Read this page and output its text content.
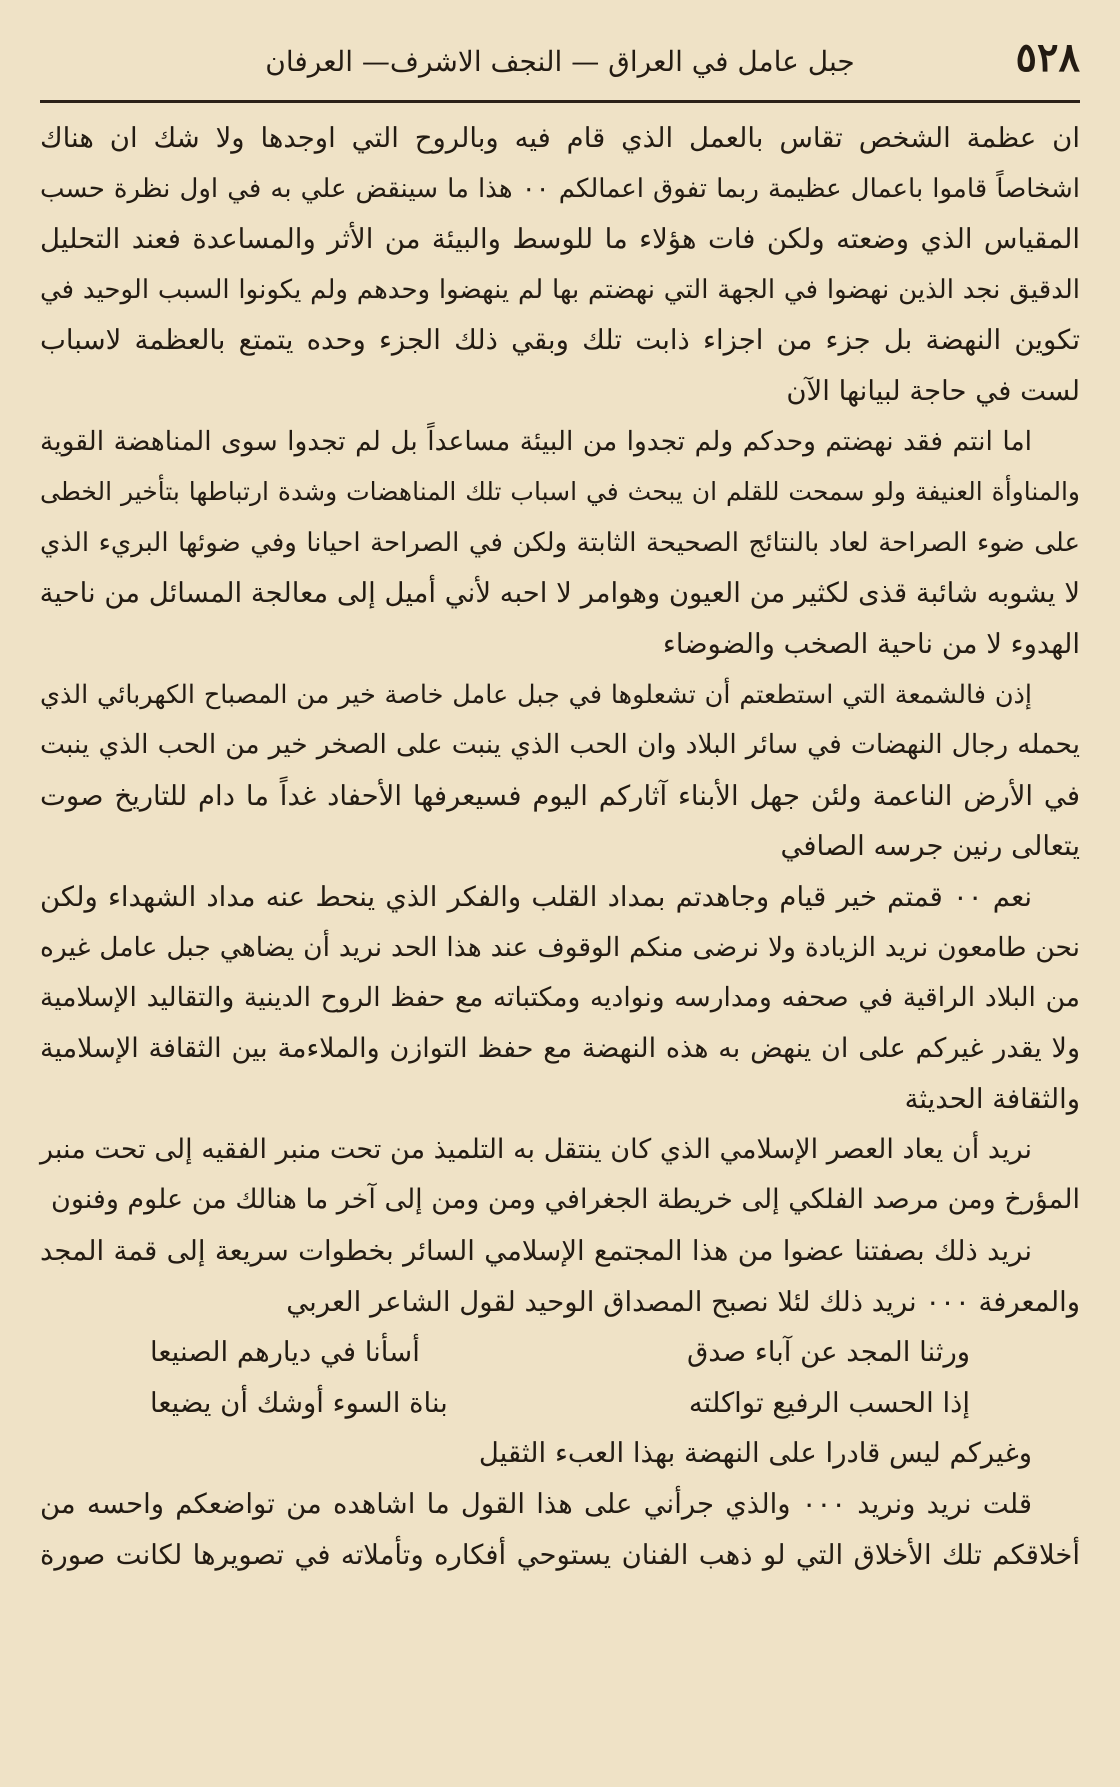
٥٢٨
جبل عامل في العراق — النجف الاشرف— العرفان
ان عظمة الشخص تقاس بالعمل الذي قام فيه وبالروح التي اوجدها ولا شك ان هناك
اشخاصاً قاموا باعمال عظيمة ربما تفوق اعمالكم ٠٠ هذا ما سينقض علي به في اول نظرة حسب
المقياس الذي وضعته ولكن فات هؤلاء ما للوسط والبيئة من الأثر والمساعدة فعند التحليل
الدقيق نجد الذين نهضوا في الجهة التي نهضتم بها لم ينهضوا وحدهم ولم يكونوا السبب الوحيد في
تكوين النهضة بل جزء من اجزاء ذابت تلك وبقي ذلك الجزء وحده يتمتع بالعظمة لاسباب
لست في حاجة لبيانها الآن
اما انتم فقد نهضتم وحدكم ولم تجدوا من البيئة مساعداً بل لم تجدوا سوى المناهضة القوية
والمناوأة العنيفة ولو سمحت للقلم ان يبحث في اسباب تلك المناهضات وشدة ارتباطها بتأخير الخطى
على ضوء الصراحة لعاد بالنتائج الصحيحة الثابتة ولكن في الصراحة احيانا وفي ضوئها البريء الذي
لا يشوبه شائبة قذى لكثير من العيون وهوامر لا احبه لأني أميل إلى معالجة المسائل من ناحية
الهدوء لا من ناحية الصخب والضوضاء
إذن فالشمعة التي استطعتم أن تشعلوها في جبل عامل خاصة خير من المصباح الكهربائي الذي
يحمله رجال النهضات في سائر البلاد وان الحب الذي ينبت على الصخر خير من الحب الذي ينبت
في الأرض الناعمة ولئن جهل الأبناء آثاركم اليوم فسيعرفها الأحفاد غداً ما دام للتاريخ صوت
يتعالى رنين جرسه الصافي
نعم ٠٠ قمتم خير قيام وجاهدتم بمداد القلب والفكر الذي ينحط عنه مداد الشهداء ولكن
نحن طامعون نريد الزيادة ولا نرضى منكم الوقوف عند هذا الحد نريد أن يضاهي جبل عامل غيره
من البلاد الراقية في صحفه ومدارسه ونواديه ومكتباته مع حفظ الروح الدينية والتقاليد الإسلامية
ولا يقدر غيركم على ان ينهض به هذه النهضة مع حفظ التوازن والملاءمة بين الثقافة الإسلامية
والثقافة الحديثة
نريد أن يعاد العصر الإسلامي الذي كان ينتقل به التلميذ من تحت منبر الفقيه إلى تحت منبر
المؤرخ ومن مرصد الفلكي إلى خريطة الجغرافي ومن ومن إلى آخر ما هنالك من علوم وفنون
نريد ذلك بصفتنا عضوا من هذا المجتمع الإسلامي السائر بخطوات سريعة إلى قمة المجد
والمعرفة ٠٠٠ نريد ذلك لئلا نصبح المصداق الوحيد لقول الشاعر العربي
ورثنا المجد عن آباء صدق
أسأنا في ديارهم الصنيعا
إذا الحسب الرفيع تواكلته
بناة السوء أوشك أن يضيعا
وغيركم ليس قادرا على النهضة بهذا العبء الثقيل
قلت نريد ونريد ٠٠٠ والذي جرأني على هذا القول ما اشاهده من تواضعكم واحسه من
أخلاقكم تلك الأخلاق التي لو ذهب الفنان يستوحي أفكاره وتأملاته في تصويرها لكانت صورة
